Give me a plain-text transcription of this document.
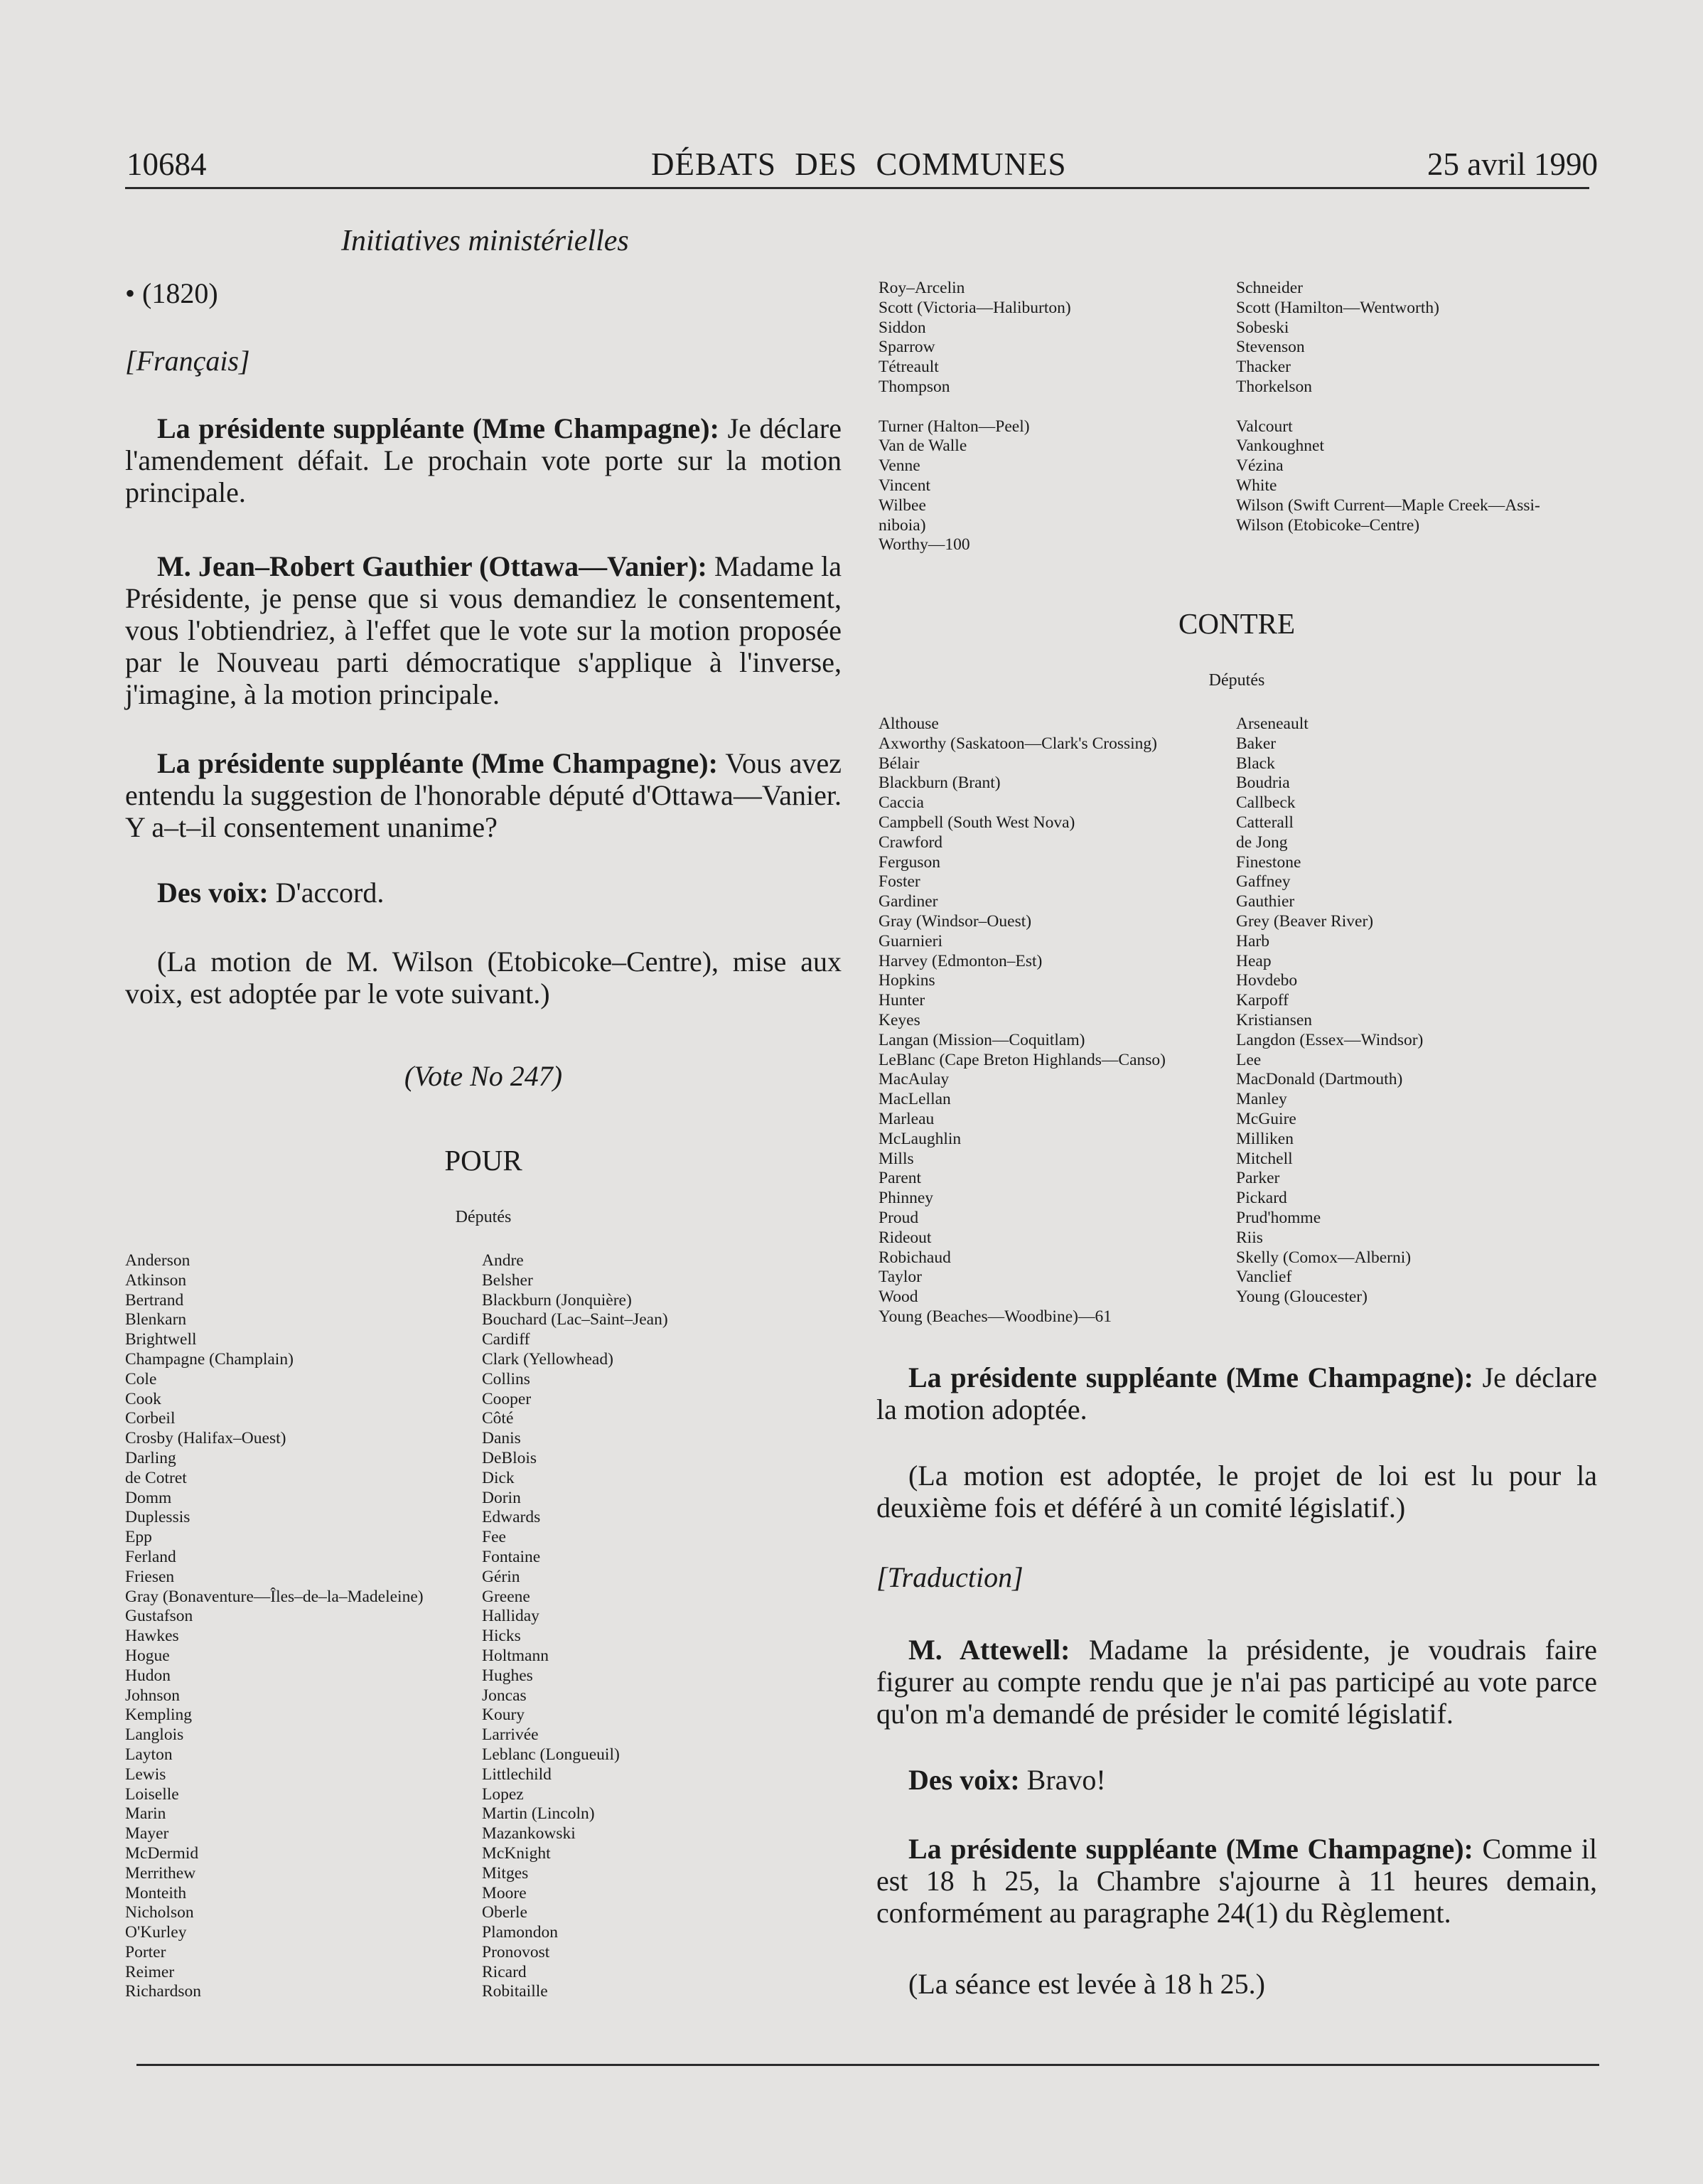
10684	DÉBATS DES COMMUNES	25 avril 1990
Initiatives ministérielles
• (1820)
[Français]

La présidente suppléante (Mme Champagne): Je déclare l'amendement défait. Le prochain vote porte sur la motion principale.

M. Jean–Robert Gauthier (Ottawa—Vanier): Madame la Présidente, je pense que si vous demandiez le consentement, vous l'obtiendriez, à l'effet que le vote sur la motion proposée par le Nouveau parti démocratique s'applique à l'inverse, j'imagine, à la motion principale.

La présidente suppléante (Mme Champagne): Vous avez entendu la suggestion de l'honorable député d'Ottawa—Vanier. Y a–t–il consentement unanime?

Des voix: D'accord.

(La motion de M. Wilson (Etobicoke–Centre), mise aux voix, est adoptée par le vote suivant.)

(Vote No 247)
POUR
Députés
Anderson
Atkinson
Bertrand
Blenkarn
Brightwell
Champagne (Champlain)
Cole
Cook
Corbeil
Crosby (Halifax–Ouest)
Darling
de Cotret
Domm
Duplessis
Epp
Ferland
Friesen
Gray (Bonaventure—Îles–de–la–Madeleine)
Gustafson
Hawkes
Hogue
Hudon
Johnson
Kempling
Langlois
Layton
Lewis
Loiselle
Marin
Mayer
McDermid
Merrithew
Monteith
Nicholson
O'Kurley
Porter
Reimer
Richardson
Andre
Belsher
Blackburn (Jonquière)
Bouchard (Lac–Saint–Jean)
Cardiff
Clark (Yellowhead)
Collins
Cooper
Côté
Danis
DeBlois
Dick
Dorin
Edwards
Fee
Fontaine
Gérin
Greene
Halliday
Hicks
Holtmann
Hughes
Joncas
Koury
Larrivée
Leblanc (Longueuil)
Littlechild
Lopez
Martin (Lincoln)
Mazankowski
McKnight
Mitges
Moore
Oberle
Plamondon
Pronovost
Ricard
Robitaille
Roy–Arcelin
Scott (Victoria—Haliburton)
Siddon
Sparrow
Tétreault
Thompson

Turner (Halton—Peel)
Van de Walle
Venne
Vincent
Wilbee
niboia)
Worthy—100
Schneider
Scott (Hamilton—Wentworth)
Sobeski
Stevenson
Thacker
Thorkelson

Valcourt
Vankoughnet
Vézina
White
Wilson (Swift Current—Maple Creek—Assi-
Wilson (Etobicoke–Centre)
CONTRE
Députés
Althouse
Axworthy (Saskatoon—Clark's Crossing)
Bélair
Blackburn (Brant)
Caccia
Campbell (South West Nova)
Crawford
Ferguson
Foster
Gardiner
Gray (Windsor–Ouest)
Guarnieri
Harvey (Edmonton–Est)
Hopkins
Hunter
Keyes
Langan (Mission—Coquitlam)
LeBlanc (Cape Breton Highlands—Canso)
MacAulay
MacLellan
Marleau
McLaughlin
Mills
Parent
Phinney
Proud
Rideout
Robichaud
Taylor
Wood
Young (Beaches—Woodbine)—61
Arseneault
Baker
Black
Boudria
Callbeck
Catterall
de Jong
Finestone
Gaffney
Gauthier
Grey (Beaver River)
Harb
Heap
Hovdebo
Karpoff
Kristiansen
Langdon (Essex—Windsor)
Lee
MacDonald (Dartmouth)
Manley
McGuire
Milliken
Mitchell
Parker
Pickard
Prud'homme
Riis
Skelly (Comox—Alberni)
Vanclief
Young (Gloucester)

La présidente suppléante (Mme Champagne): Je déclare la motion adoptée.

(La motion est adoptée, le projet de loi est lu pour la deuxième fois et déféré à un comité législatif.)

[Traduction]

M. Attewell: Madame la présidente, je voudrais faire figurer au compte rendu que je n'ai pas participé au vote parce qu'on m'a demandé de présider le comité législatif.

Des voix: Bravo!

La présidente suppléante (Mme Champagne): Comme il est 18 h 25, la Chambre s'ajourne à 11 heures demain, conformément au paragraphe 24(1) du Règlement.

(La séance est levée à 18 h 25.)
